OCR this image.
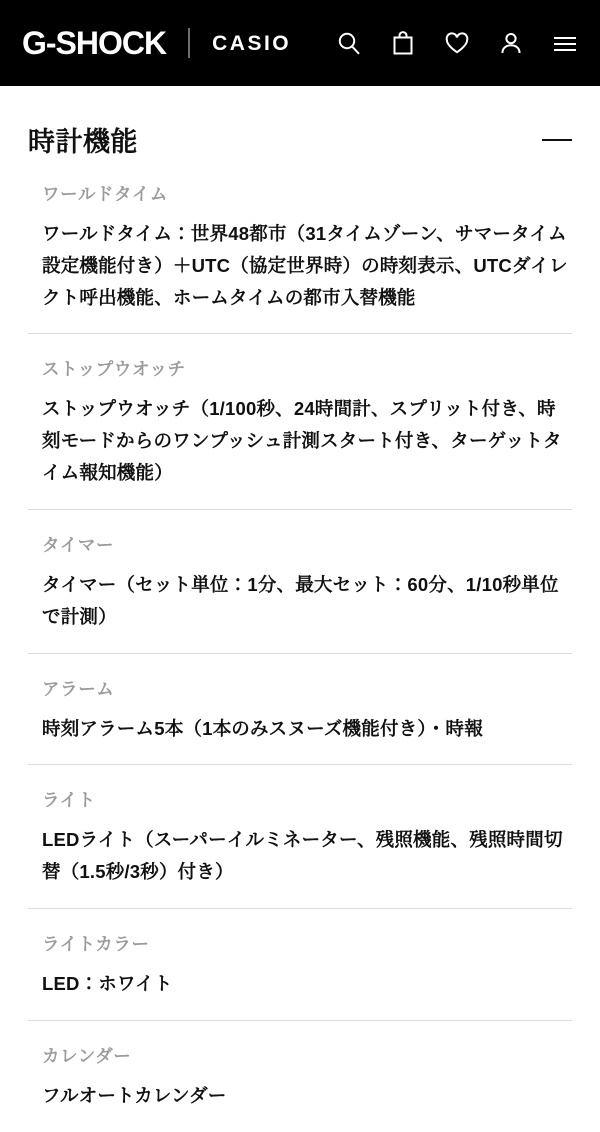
G-SHOCK CASIO
時計機能
ワールドタイム
ワールドタイム：世界48都市（31タイムゾーン、サマータイム設定機能付き）＋UTC（協定世界時）の時刻表示、UTCダイレクト呼出機能、ホームタイムの都市入替機能
ストップウオッチ
ストップウオッチ（1/100秒、24時間計、スプリット付き、時刻モードからのワンプッシュ計測スタート付き、ターゲットタイム報知機能）
タイマー
タイマー（セット単位：1分、最大セット：60分、1/10秒単位で計測）
アラーム
時刻アラーム5本（1本のみスヌーズ機能付き）・時報
ライト
LEDライト（スーパーイルミネーター、残照機能、残照時間切替（1.5秒/3秒）付き）
ライトカラー
LED：ホワイト
カレンダー
フルオートカレンダー
